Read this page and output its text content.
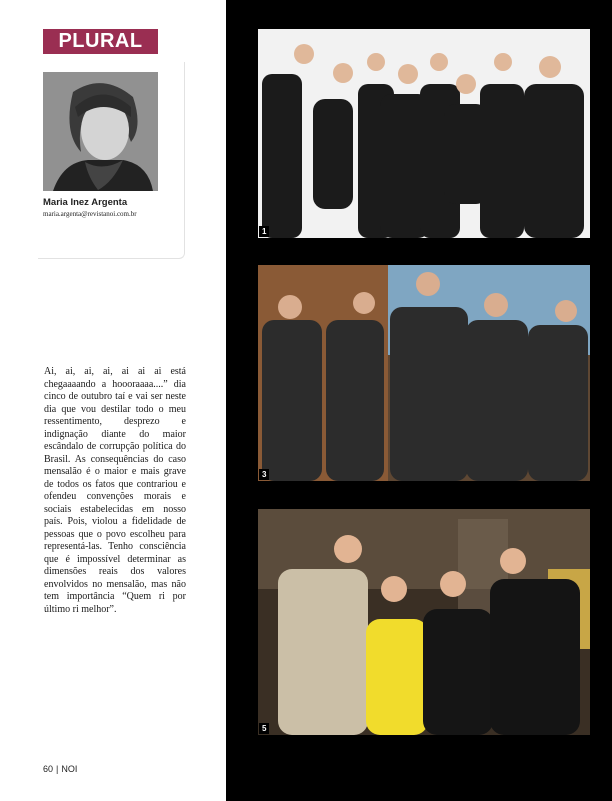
PLURAL
Maria Inez Argenta
maria.argenta@revistanoi.com.br
Ai, ai, ai, ai, ai ai ai está chegaaaando a hoooraaaa....” dia cinco de outubro taí e vai ser neste dia que vou destilar todo o meu ressentimento, desprezo e indignação diante do maior escândalo de corrupção política do Brasil. As consequências do caso mensalão é o maior e mais grave de todos os fatos que contrariou e ofendeu convenções morais e sociais estabelecidas em nosso país. Pois, violou a fidelidade de pessoas que o povo escolheu para representá-las. Tenho consciência que é impossível determinar as dimensões reais dos valores envolvidos no mensalão, mas não tem importância “Quem ri por último ri melhor”.
1
3
5
60 | NOI
